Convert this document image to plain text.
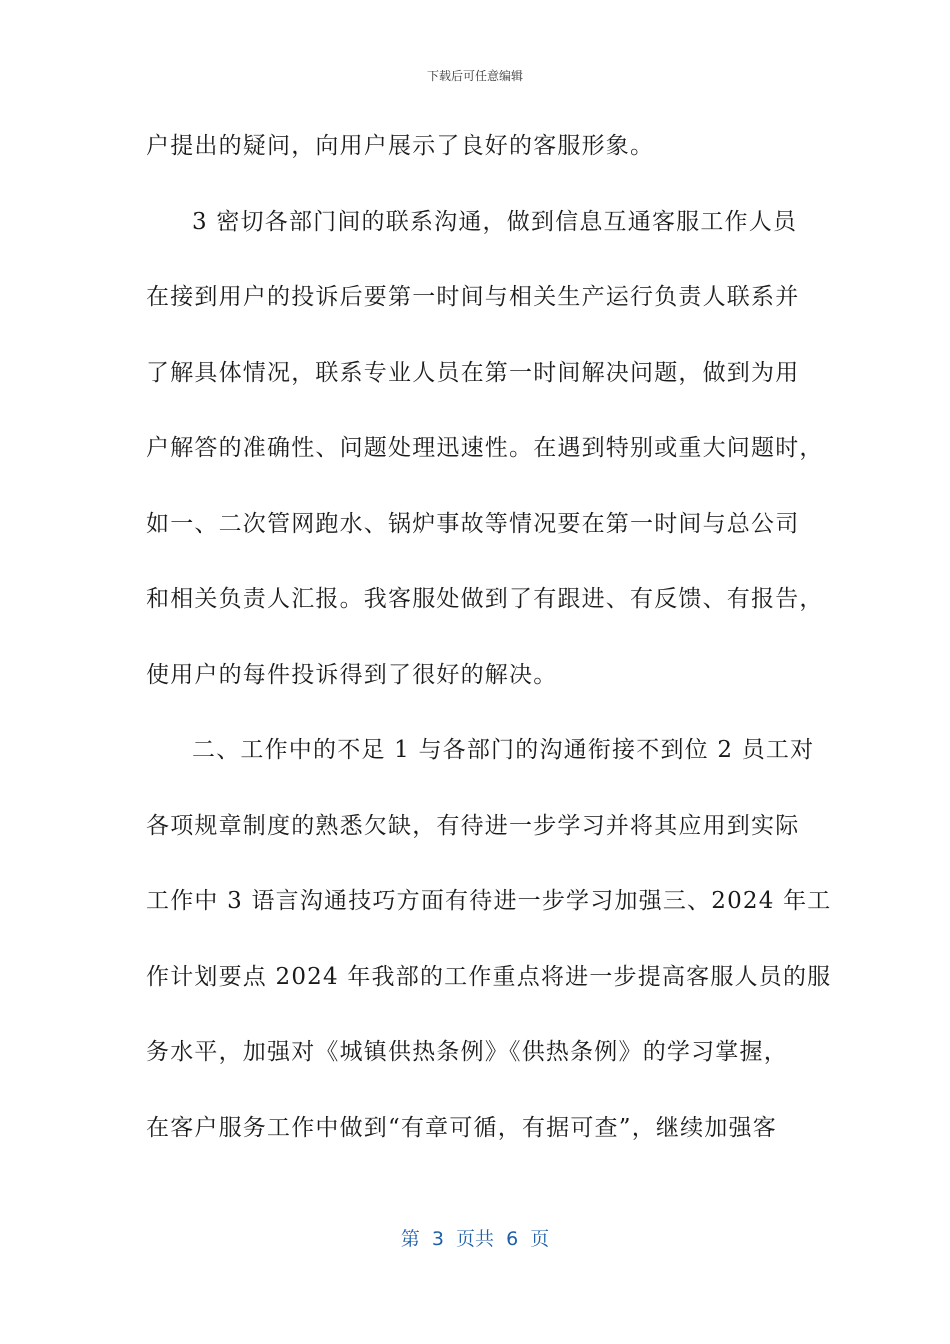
下载后可任意编辑
户提出的疑问，向用户展示了良好的客服形象。
3 密切各部门间的联系沟通，做到信息互通客服工作人员
在接到用户的投诉后要第一时间与相关生产运行负责人联系并
了解具体情况，联系专业人员在第一时间解决问题，做到为用
户解答的准确性、问题处理迅速性。在遇到特别或重大问题时，
如一、二次管网跑水、锅炉事故等情况要在第一时间与总公司
和相关负责人汇报。我客服处做到了有跟进、有反馈、有报告，
使用户的每件投诉得到了很好的解决。
二、工作中的不足 1 与各部门的沟通衔接不到位 2 员工对
各项规章制度的熟悉欠缺，有待进一步学习并将其应用到实际
工作中 3 语言沟通技巧方面有待进一步学习加强三、2024 年工
作计划要点 2024 年我部的工作重点将进一步提高客服人员的服
务水平，加强对《城镇供热条例》《供热条例》的学习掌握，
在客户服务工作中做到“有章可循，有据可查”，继续加强客
第  3  页共  6  页
